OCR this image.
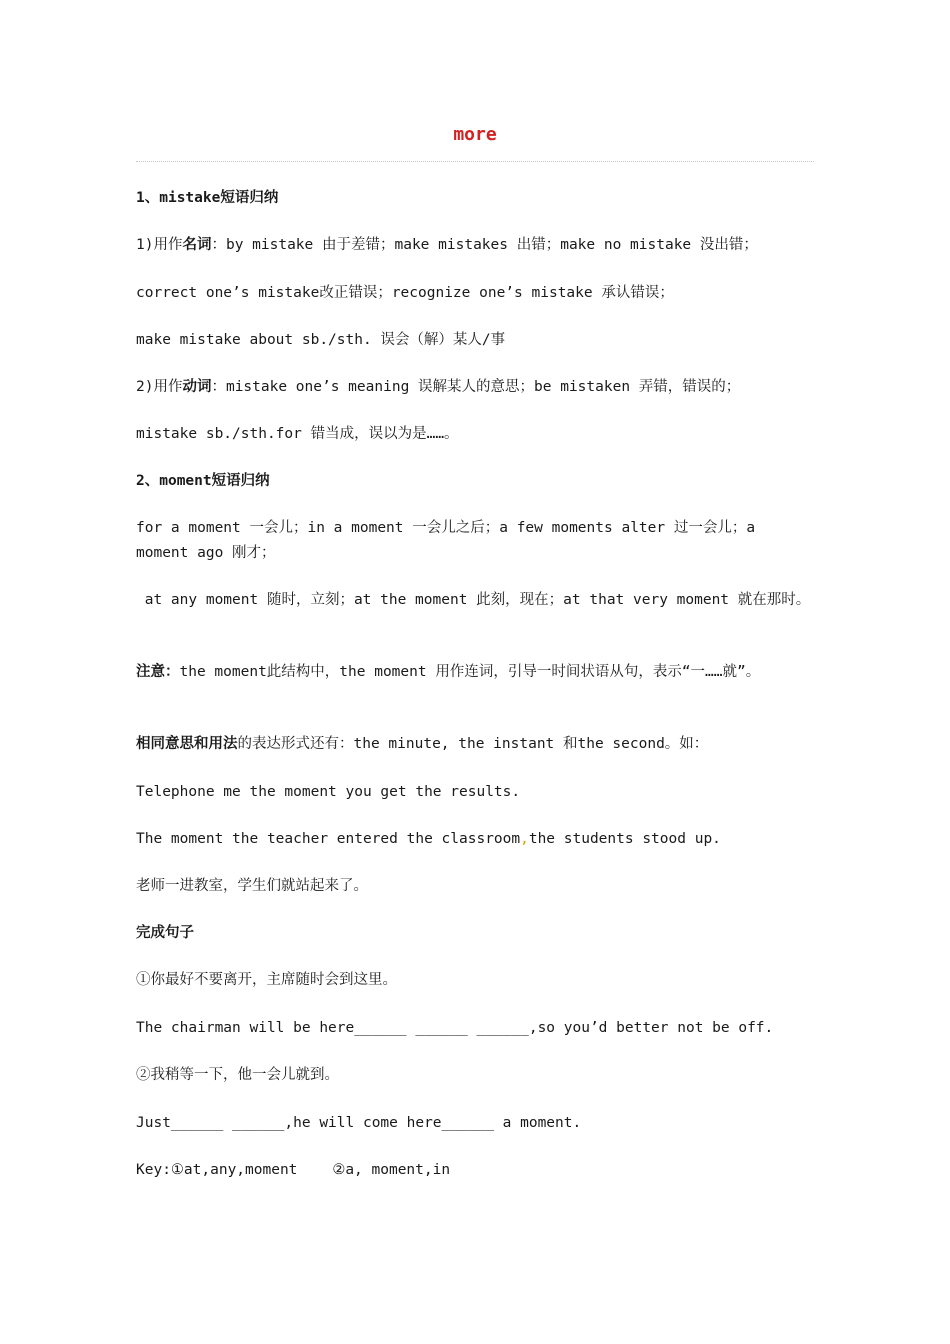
more
1、mistake短语归纳
1)用作名词：by mistake 由于差错；make mistakes 出错；make no mistake 没出错；
correct one’s mistake改正错误；recognize one’s mistake 承认错误；
make mistake about sb./sth. 误会（解）某人/事
2)用作动词：mistake one’s meaning 误解某人的意思；be mistaken 弄错，错误的；
mistake sb./sth.for 错当成，误以为是……。
2、moment短语归纳
for a moment 一会儿；in a moment 一会儿之后；a few moments alter 过一会儿；a moment ago 刚才；
at any moment 随时，立刻；at the moment 此刻，现在；at that very moment 就在那时。
注意：the moment此结构中，the moment 用作连词，引导一时间状语从句，表示“一……就”。
相同意思和用法的表达形式还有：the minute, the instant 和the second。如：
Telephone me the moment you get the results.
The moment the teacher entered the classroom,the students stood up.
老师一进教室，学生们就站起来了。
完成句子
①你最好不要离开，主席随时会到这里。
The chairman will be here______ ______ ______,so you’d better not be off.
②我稍等一下，他一会儿就到。
Just______ ______,he will come here______ a moment.
Key:①at,any,moment    ②a, moment,in
